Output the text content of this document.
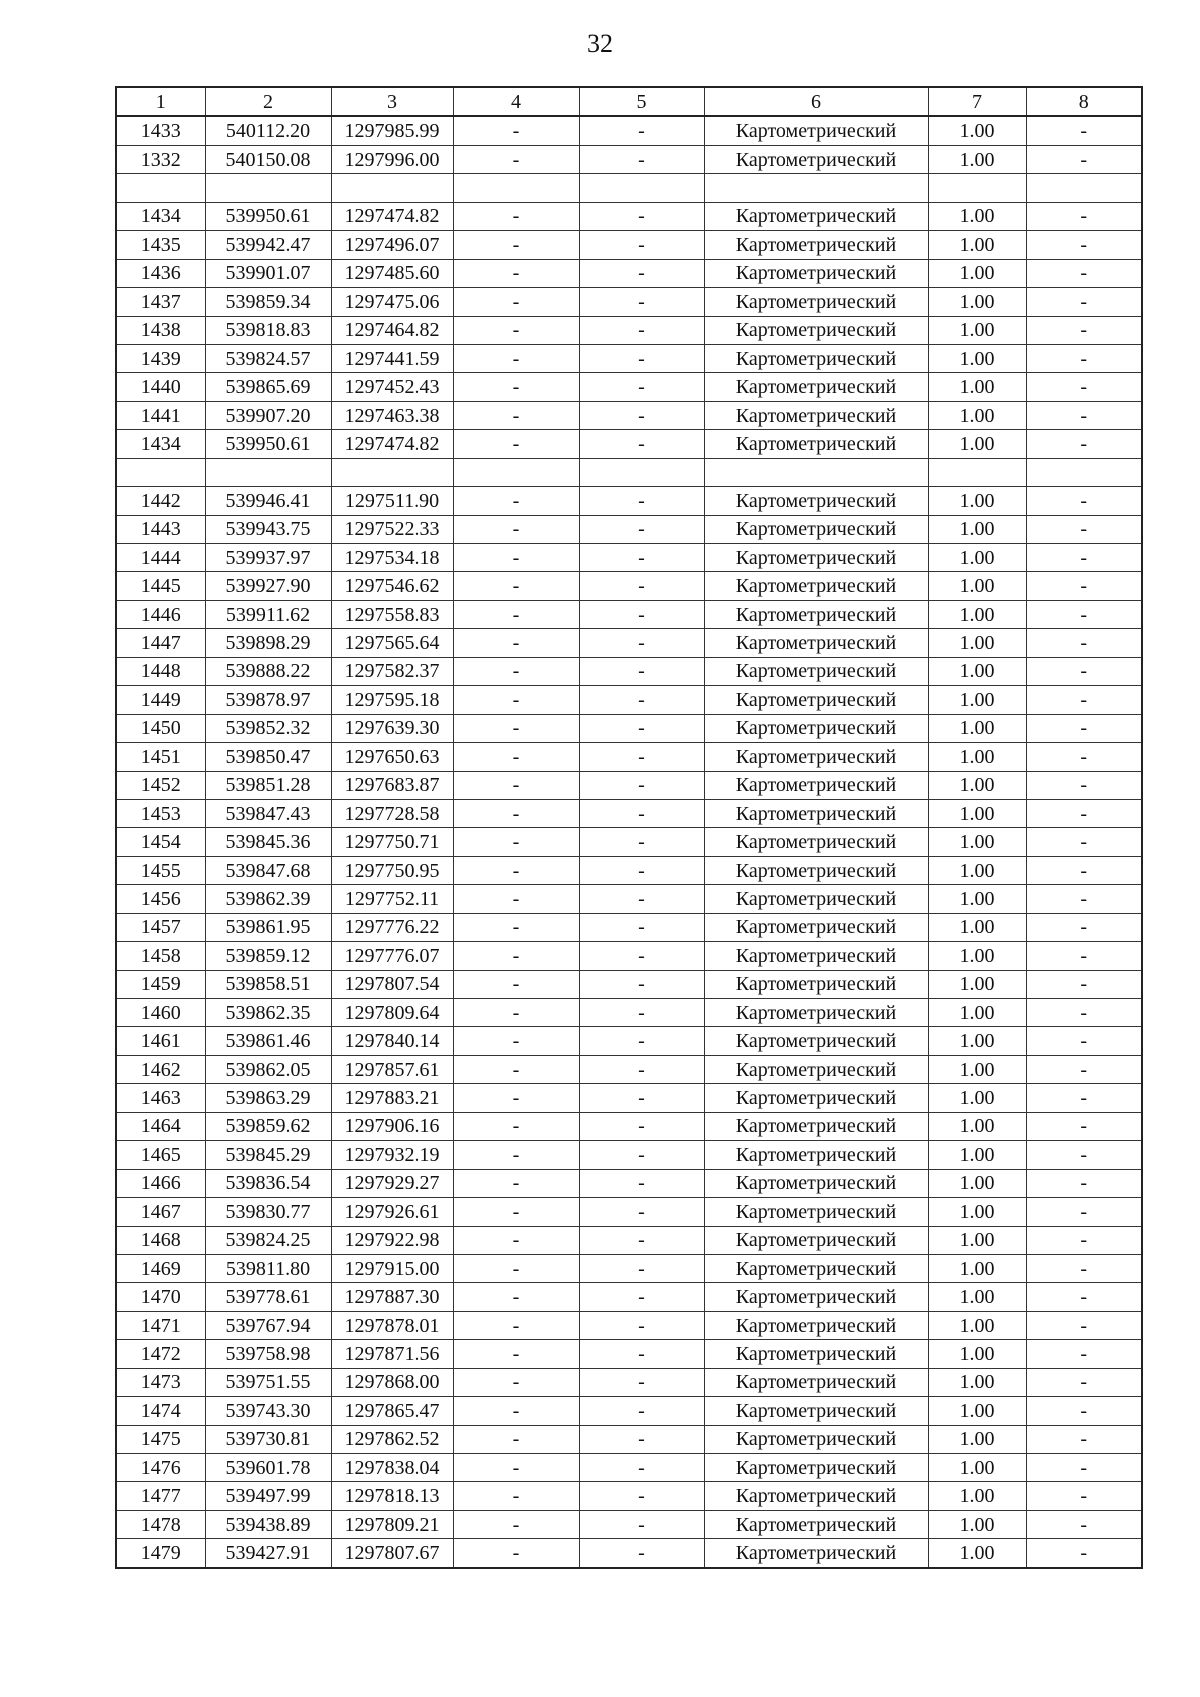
32
1	2	3	4	5	6	7	8
1433	540112.20	1297985.99	-	-	Картометрический	1.00	-
1332	540150.08	1297996.00	-	-	Картометрический	1.00	-

1434	539950.61	1297474.82	-	-	Картометрический	1.00	-
1435	539942.47	1297496.07	-	-	Картометрический	1.00	-
1436	539901.07	1297485.60	-	-	Картометрический	1.00	-
1437	539859.34	1297475.06	-	-	Картометрический	1.00	-
1438	539818.83	1297464.82	-	-	Картометрический	1.00	-
1439	539824.57	1297441.59	-	-	Картометрический	1.00	-
1440	539865.69	1297452.43	-	-	Картометрический	1.00	-
1441	539907.20	1297463.38	-	-	Картометрический	1.00	-
1434	539950.61	1297474.82	-	-	Картометрический	1.00	-

1442	539946.41	1297511.90	-	-	Картометрический	1.00	-
1443	539943.75	1297522.33	-	-	Картометрический	1.00	-
1444	539937.97	1297534.18	-	-	Картометрический	1.00	-
1445	539927.90	1297546.62	-	-	Картометрический	1.00	-
1446	539911.62	1297558.83	-	-	Картометрический	1.00	-
1447	539898.29	1297565.64	-	-	Картометрический	1.00	-
1448	539888.22	1297582.37	-	-	Картометрический	1.00	-
1449	539878.97	1297595.18	-	-	Картометрический	1.00	-
1450	539852.32	1297639.30	-	-	Картометрический	1.00	-
1451	539850.47	1297650.63	-	-	Картометрический	1.00	-
1452	539851.28	1297683.87	-	-	Картометрический	1.00	-
1453	539847.43	1297728.58	-	-	Картометрический	1.00	-
1454	539845.36	1297750.71	-	-	Картометрический	1.00	-
1455	539847.68	1297750.95	-	-	Картометрический	1.00	-
1456	539862.39	1297752.11	-	-	Картометрический	1.00	-
1457	539861.95	1297776.22	-	-	Картометрический	1.00	-
1458	539859.12	1297776.07	-	-	Картометрический	1.00	-
1459	539858.51	1297807.54	-	-	Картометрический	1.00	-
1460	539862.35	1297809.64	-	-	Картометрический	1.00	-
1461	539861.46	1297840.14	-	-	Картометрический	1.00	-
1462	539862.05	1297857.61	-	-	Картометрический	1.00	-
1463	539863.29	1297883.21	-	-	Картометрический	1.00	-
1464	539859.62	1297906.16	-	-	Картометрический	1.00	-
1465	539845.29	1297932.19	-	-	Картометрический	1.00	-
1466	539836.54	1297929.27	-	-	Картометрический	1.00	-
1467	539830.77	1297926.61	-	-	Картометрический	1.00	-
1468	539824.25	1297922.98	-	-	Картометрический	1.00	-
1469	539811.80	1297915.00	-	-	Картометрический	1.00	-
1470	539778.61	1297887.30	-	-	Картометрический	1.00	-
1471	539767.94	1297878.01	-	-	Картометрический	1.00	-
1472	539758.98	1297871.56	-	-	Картометрический	1.00	-
1473	539751.55	1297868.00	-	-	Картометрический	1.00	-
1474	539743.30	1297865.47	-	-	Картометрический	1.00	-
1475	539730.81	1297862.52	-	-	Картометрический	1.00	-
1476	539601.78	1297838.04	-	-	Картометрический	1.00	-
1477	539497.99	1297818.13	-	-	Картометрический	1.00	-
1478	539438.89	1297809.21	-	-	Картометрический	1.00	-
1479	539427.91	1297807.67	-	-	Картометрический	1.00	-
